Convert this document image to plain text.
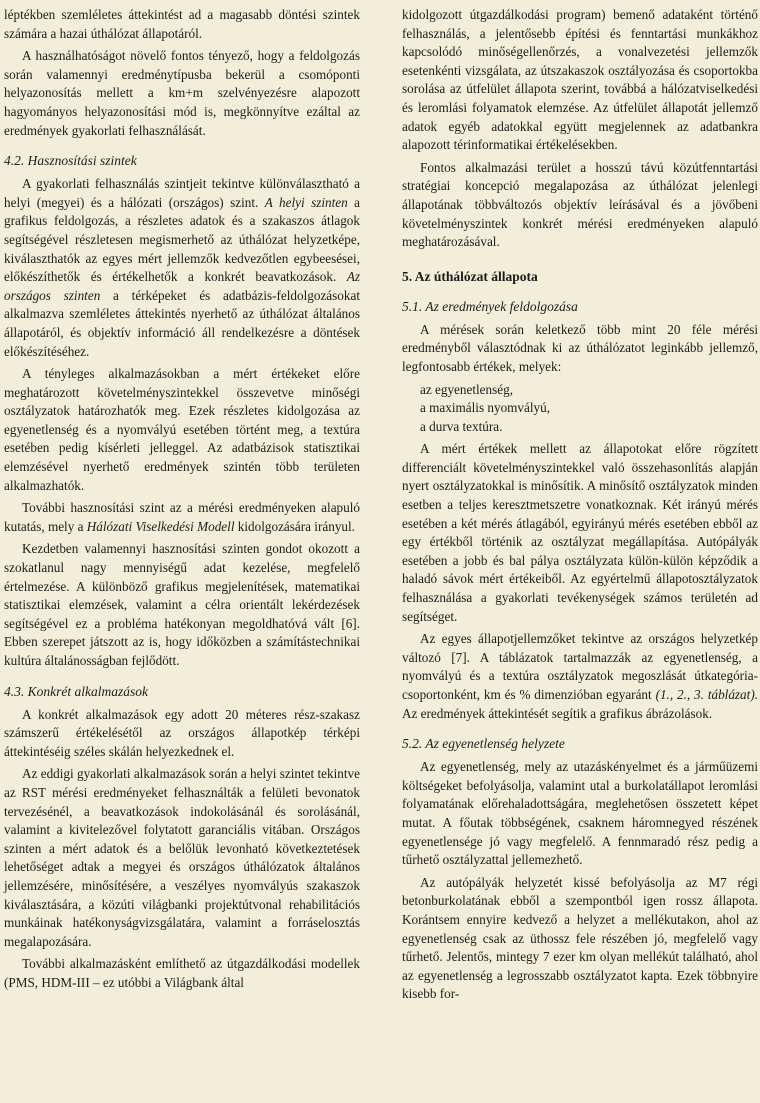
léptékben szemléletes áttekintést ad a magasabb döntési szintek számára a hazai úthálózat állapotáról.

A használhatóságot növelő fontos tényező, hogy a feldolgozás során valamennyi eredménytípusba bekerül a csomóponti helyazonosítás mellett a km+m szelvényezésre alapozott hagyományos helyazonosítási mód is, megkönnyítve ezáltal az eredmények gyakorlati felhasználását.

4.2. Hasznosítási szintek

A gyakorlati felhasználás szintjeit tekintve különválasztható a helyi (megyei) és a hálózati (országos) szint. A helyi szinten a grafikus feldolgozás, a részletes adatok és a szakaszos átlagok segítségével részletesen megismerhető az úthálózat helyzetképe, kiválaszthatók az egyes mért jellemzők kedvezőtlen egybeesései, előkészíthetők és értékelhetők a konkrét beavatkozások. Az országos szinten a térképeket és adatbázis-feldolgozásokat alkalmazva szemléletes áttekintés nyerhető az úthálózat általános állapotáról, és objektív információ áll rendelkezésre a döntések előkészítéséhez.

A tényleges alkalmazásokban a mért értékeket előre meghatározott követelményszintekkel összevetve minőségi osztályzatok határozhatók meg. Ezek részletes kidolgozása az egyenetlenség és a nyomvályú esetében történt meg, a textúra esetében pedig kísérleti jelleggel. Az adatbázisok statisztikai elemzésével nyerhető eredmények szintén több területen alkalmazhatók.

További hasznosítási szint az a mérési eredményeken alapuló kutatás, mely a Hálózati Viselkedési Modell kidolgozására irányul.

Kezdetben valamennyi hasznosítási szinten gondot okozott a szokatlanul nagy mennyiségű adat kezelése, megfelelő értelmezése. A különböző grafikus megjelenítések, matematikai statisztikai elemzések, valamint a célra orientált lekérdezések segítségével ez a probléma hatékonyan megoldhatóvá vált [6]. Ebben szerepet játszott az is, hogy időközben a számítástechnikai kultúra általánosságban fejlődött.

4.3. Konkrét alkalmazások

A konkrét alkalmazások egy adott 20 méteres rész-szakasz számszerű értékelésétől az országos állapotkép térképi áttekintéséig széles skálán helyezkednek el.

Az eddigi gyakorlati alkalmazások során a helyi szintet tekintve az RST mérési eredményeket felhasználták a felületi bevonatok tervezésénél, a beavatkozások indokolásánál és sorolásánál, valamint a kivitelezővel folytatott garanciális vitában. Országos szinten a mért adatok és a belőlük levonható következtetések lehetőséget adtak a megyei és országos úthálózatok általános jellemzésére, minősítésére, a veszélyes nyomvályús szakaszok kiválasztására, a közúti világbanki projektútvonal rehabilitációs munkáinak hatékonyságvizsgálatára, valamint a forráselosztás megalapozására.

További alkalmazásként említhető az útgazdálkodási modellek (PMS, HDM-III – ez utóbbi a Világbank által

kidolgozott útgazdálkodási program) bemenő adataként történő felhasználás, a jelentősebb építési és fenntartási munkákhoz kapcsolódó minőségellenőrzés, a vonalvezetési jellemzők esetenkénti vizsgálata, az útszakaszok osztályozása és csoportokba sorolása az útfelület állapota szerint, továbbá a hálózatviselkedési és leromlási folyamatok elemzése. Az útfelület állapotát jellemző adatok egyéb adatokkal együtt megjelennek az adatbankra alapozott térinformatikai értékelésekben.

Fontos alkalmazási terület a hosszú távú közútfenntartási stratégiai koncepció megalapozása az úthálózat jelenlegi állapotának többváltozós objektív leírásával és a jövőbeni követelményszintek konkrét mérési eredményeken alapuló meghatározásával.

5. Az úthálózat állapota
5.1. Az eredmények feldolgozása

A mérések során keletkező több mint 20 féle mérési eredményből választódnak ki az úthálózatot leginkább jellemző, legfontosabb értékek, melyek:

az egyenetlenség,
a maximális nyomvályú,
a durva textúra.

A mért értékek mellett az állapotokat előre rögzített differenciált követelményszintekkel való összehasonlítás alapján nyert osztályzatokkal is minősítik. A minősítő osztályzatok minden esetben a teljes keresztmetszetre vonatkoznak. Két irányú mérés esetében a két mérés átlagából, egyirányú mérés esetében ebből az egy értékből történik az osztályzat megállapítása. Autópályák esetében a jobb és bal pálya osztályzata külön-külön képződik a haladó sávok mért értékeiből. Az egyértelmű állapotosztályzatok felhasználása a gyakorlati tevékenységek számos területén ad segítséget.

Az egyes állapotjellemzőket tekintve az országos helyzetkép változó [7]. A táblázatok tartalmazzák az egyenetlenség, a nyomvályú és a textúra osztályzatok megoszlását útkategória-csoportonként, km és % dimenzióban egyaránt (1., 2., 3. táblázat). Az eredmények áttekintését segítik a grafikus ábrázolások.

5.2. Az egyenetlenség helyzete

Az egyenetlenség, mely az utazáskényelmet és a járműüzemi költségeket befolyásolja, valamint utal a burkolatállapot leromlási folyamatának előrehaladottságára, meglehetősen összetett képet mutat. A főutak többségének, csaknem háromnegyed részének egyenetlensége jó vagy megfelelő. A fennmaradó rész pedig a tűrhető osztályzattal jellemezhető.

Az autópályák helyzetét kissé befolyásolja az M7 régi betonburkolatának ebből a szempontból igen rossz állapota. Korántsem ennyire kedvező a helyzet a mellékutakon, ahol az egyenetlenség csak az üthossz fele részében jó, megfelelő vagy tűrhető. Jelentős, mintegy 7 ezer km olyan mellékút található, ahol az egyenetlenség a legrosszabb osztályzatot kapta. Ezek többnyire kisebb for-
